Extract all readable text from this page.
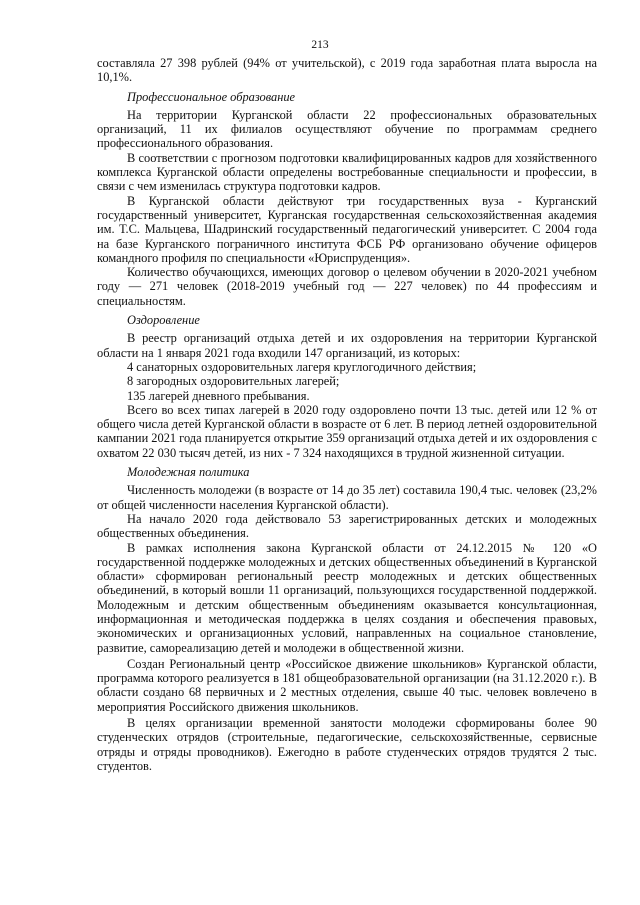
213

составляла 27 398 рублей (94% от учительской), с 2019 года заработная плата выросла на 10,1%.

Профессиональное образование

На территории Курганской области 22 профессиональных образовательных организаций, 11 их филиалов осуществляют обучение по программам среднего профессионального образования.

В соответствии с прогнозом подготовки квалифицированных кадров для хозяйственного комплекса Курганской области определены востребованные специальности и профессии, в связи с чем изменилась структура подготовки кадров.

В Курганской области действуют три государственных вуза - Курганский государственный университет, Курганская государственная сельскохозяйственная академия им. Т.С. Мальцева, Шадринский государственный педагогический университет. С 2004 года на базе Курганского пограничного института ФСБ РФ организовано обучение офицеров командного профиля по специальности «Юриспруденция».

Количество обучающихся, имеющих договор о целевом обучении в 2020-2021 учебном году — 271 человек (2018-2019 учебный год — 227 человек) по 44 профессиям и специальностям.

Оздоровление

В реестр организаций отдыха детей и их оздоровления на территории Курганской области на 1 января 2021 года входили 147 организаций, из которых:

4 санаторных оздоровительных лагеря круглогодичного действия;

8 загородных оздоровительных лагерей;

135 лагерей дневного пребывания.

Всего во всех типах лагерей в 2020 году оздоровлено почти 13 тыс. детей или 12 % от общего числа детей Курганской области в возрасте от 6 лет. В период летней оздоровительной кампании 2021 года планируется открытие 359 организаций отдыха детей и их оздоровления с охватом 22 030 тысяч детей, из них - 7 324 находящихся в трудной жизненной ситуации.

Молодежная политика

Численность молодежи (в возрасте от 14 до 35 лет) составила 190,4 тыс. человек (23,2% от общей численности населения Курганской области).

На начало 2020 года действовало 53 зарегистрированных детских и молодежных общественных объединения.

В рамках исполнения закона Курганской области от 24.12.2015 № 120 «О государственной поддержке молодежных и детских общественных объединений в Курганской области» сформирован региональный реестр молодежных и детских общественных объединений, в который вошли 11 организаций, пользующихся государственной поддержкой. Молодежным и детским общественным объединениям оказывается консультационная, информационная и методическая поддержка в целях создания и обеспечения правовых, экономических и организационных условий, направленных на социальное становление, развитие, самореализацию детей и молодежи в общественной жизни.

Создан Региональный центр «Российское движение школьников» Курганской области, программа которого реализуется в 181 общеобразовательной организации (на 31.12.2020 г.). В области создано 68 первичных и 2 местных отделения, свыше 40 тыс. человек вовлечено в мероприятия Российского движения школьников.

В целях организации временной занятости молодежи сформированы более 90 студенческих отрядов (строительные, педагогические, сельскохозяйственные, сервисные отряды и отряды проводников). Ежегодно в работе студенческих отрядов трудятся 2 тыс. студентов.
